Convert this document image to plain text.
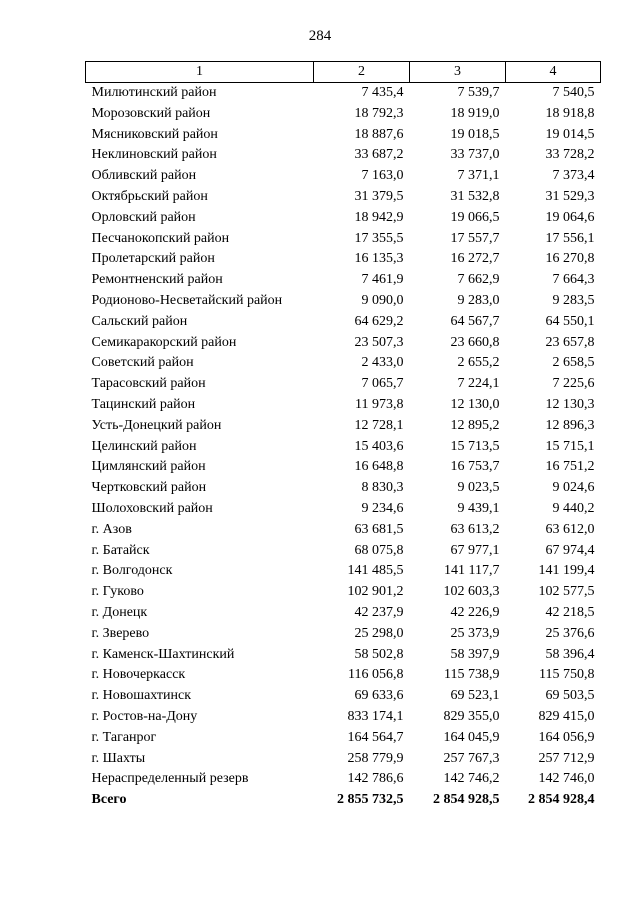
284
1	2	3	4
Милютинский район	7 435,4	7 539,7	7 540,5
Морозовский район	18 792,3	18 919,0	18 918,8
Мясниковский район	18 887,6	19 018,5	19 014,5
Неклиновский район	33 687,2	33 737,0	33 728,2
Обливский район	7 163,0	7 371,1	7 373,4
Октябрьский район	31 379,5	31 532,8	31 529,3
Орловский район	18 942,9	19 066,5	19 064,6
Песчанокопский район	17 355,5	17 557,7	17 556,1
Пролетарский район	16 135,3	16 272,7	16 270,8
Ремонтненский район	7 461,9	7 662,9	7 664,3
Родионово-Несветайский район	9 090,0	9 283,0	9 283,5
Сальский район	64 629,2	64 567,7	64 550,1
Семикаракорский район	23 507,3	23 660,8	23 657,8
Советский район	2 433,0	2 655,2	2 658,5
Тарасовский район	7 065,7	7 224,1	7 225,6
Тацинский район	11 973,8	12 130,0	12 130,3
Усть-Донецкий район	12 728,1	12 895,2	12 896,3
Целинский район	15 403,6	15 713,5	15 715,1
Цимлянский район	16 648,8	16 753,7	16 751,2
Чертковский район	8 830,3	9 023,5	9 024,6
Шолоховский район	9 234,6	9 439,1	9 440,2
г. Азов	63 681,5	63 613,2	63 612,0
г. Батайск	68 075,8	67 977,1	67 974,4
г. Волгодонск	141 485,5	141 117,7	141 199,4
г. Гуково	102 901,2	102 603,3	102 577,5
г. Донецк	42 237,9	42 226,9	42 218,5
г. Зверево	25 298,0	25 373,9	25 376,6
г. Каменск-Шахтинский	58 502,8	58 397,9	58 396,4
г. Новочеркасск	116 056,8	115 738,9	115 750,8
г. Новошахтинск	69 633,6	69 523,1	69 503,5
г. Ростов-на-Дону	833 174,1	829 355,0	829 415,0
г. Таганрог	164 564,7	164 045,9	164 056,9
г. Шахты	258 779,9	257 767,3	257 712,9
Нераспределенный резерв	142 786,6	142 746,2	142 746,0
Всего	2 855 732,5	2 854 928,5	2 854 928,4
